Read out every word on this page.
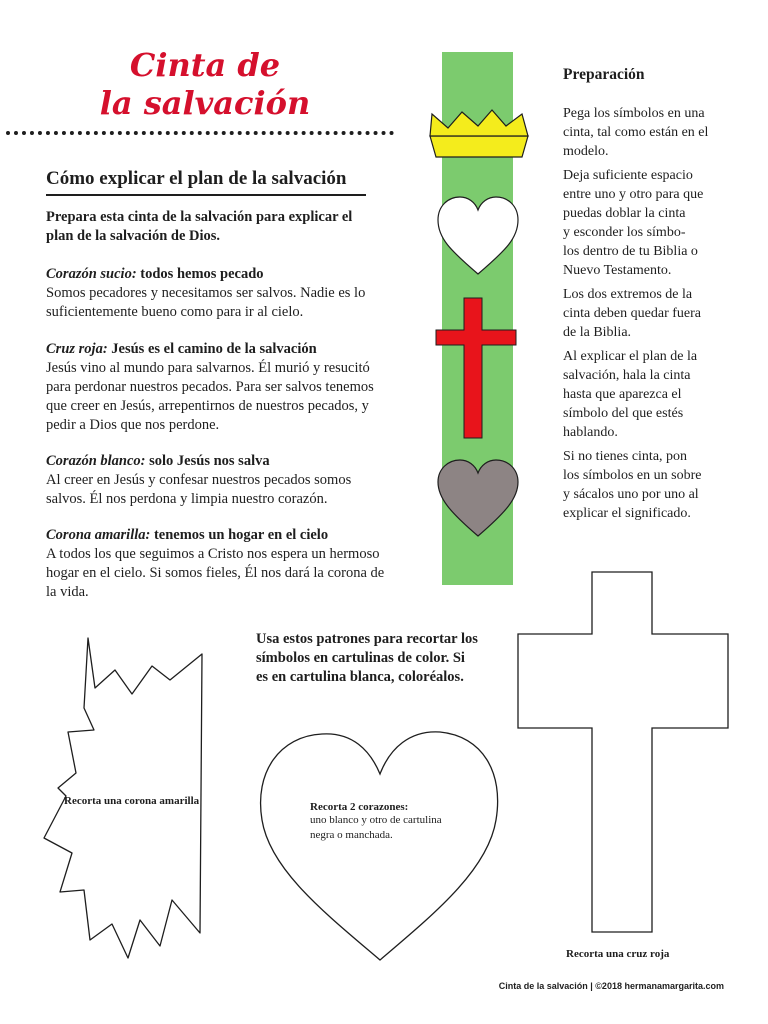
Cinta de
la salvación
Cómo explicar el plan de la salvación
Prepara esta cinta de la salvación para explicar el plan de la salvación de Dios.
Corazón sucio: todos hemos pecado
Somos pecadores y necesitamos ser salvos. Nadie es lo suficientemente bueno como para ir al cielo.
Cruz roja: Jesús es el camino de la salvación
Jesús vino al mundo para salvarnos. Él murió y resucitó para perdonar nuestros pecados. Para ser salvos tenemos que creer en Jesús, arrepentirnos de nuestros pecados, y pedir a Dios que nos perdone.
Corazón blanco: solo Jesús nos salva
Al creer en Jesús y confesar nuestros pecados somos salvos. Él nos perdona y limpia nuestro corazón.
Corona amarilla: tenemos un hogar en el cielo
A todos los que seguimos a Cristo nos espera un hermoso hogar en el cielo. Si somos fieles, Él nos dará la corona de la vida.
Preparación

Pega los símbolos en una
cinta, tal como están en el
modelo.

Deja suficiente espacio
entre uno y otro para que
puedas doblar la cinta
y esconder los símbo-
los dentro de tu Biblia o
Nuevo Testamento.

Los dos extremos de la
cinta deben quedar fuera
de la Biblia.

Al explicar el plan de la
salvación, hala la cinta
hasta que aparezca el
símbolo del que estés
hablando.

Si no tienes cinta, pon
los símbolos en un sobre
y sácalos uno por uno al
explicar el significado.

Usa estos patrones para recortar los símbolos en cartulinas de color. Si es en cartulina blanca, coloréalos.
Recorta una corona amarilla	Recorta 2 corazones:
uno blanco y otro de cartulina negra o manchada.
Recorta una cruz roja
Cinta de la salvación | ©2018 hermanamargarita.com
